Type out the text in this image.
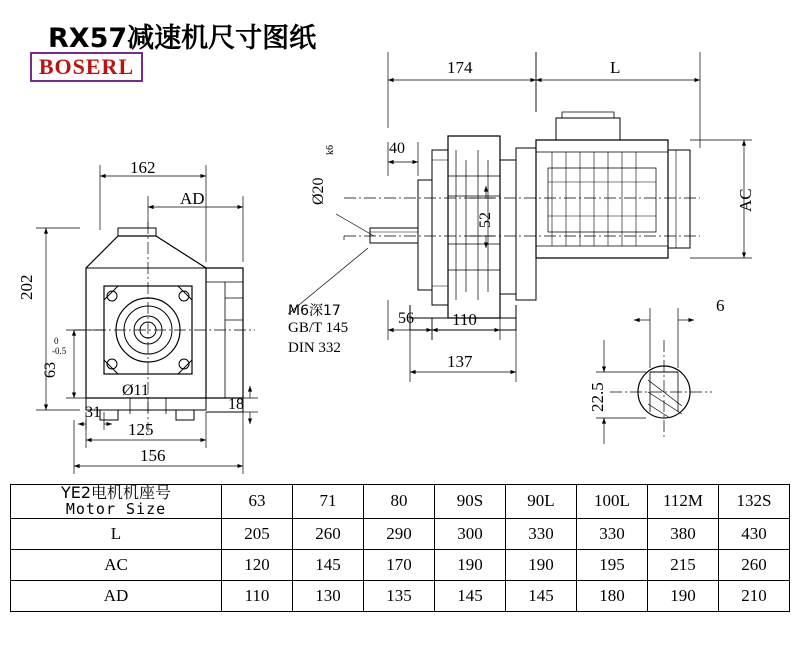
RX57减速机尺寸图纸
BOSERL
162
AD
202
63
0
-0.5
Ø11
31
125
156
18
174	L
40
Ø20
k6
52
AC
56 110
137
M6深17
GB/T 145
DIN 332
6
22.5
YE2电机机座号
Motor Size	63	71	80	90S	90L	100L	112M	132S
L	205	260	290	300	330	330	380	430
AC	120	145	170	190	190	195	215	260
AD	110	130	135	145	145	180	190	210
